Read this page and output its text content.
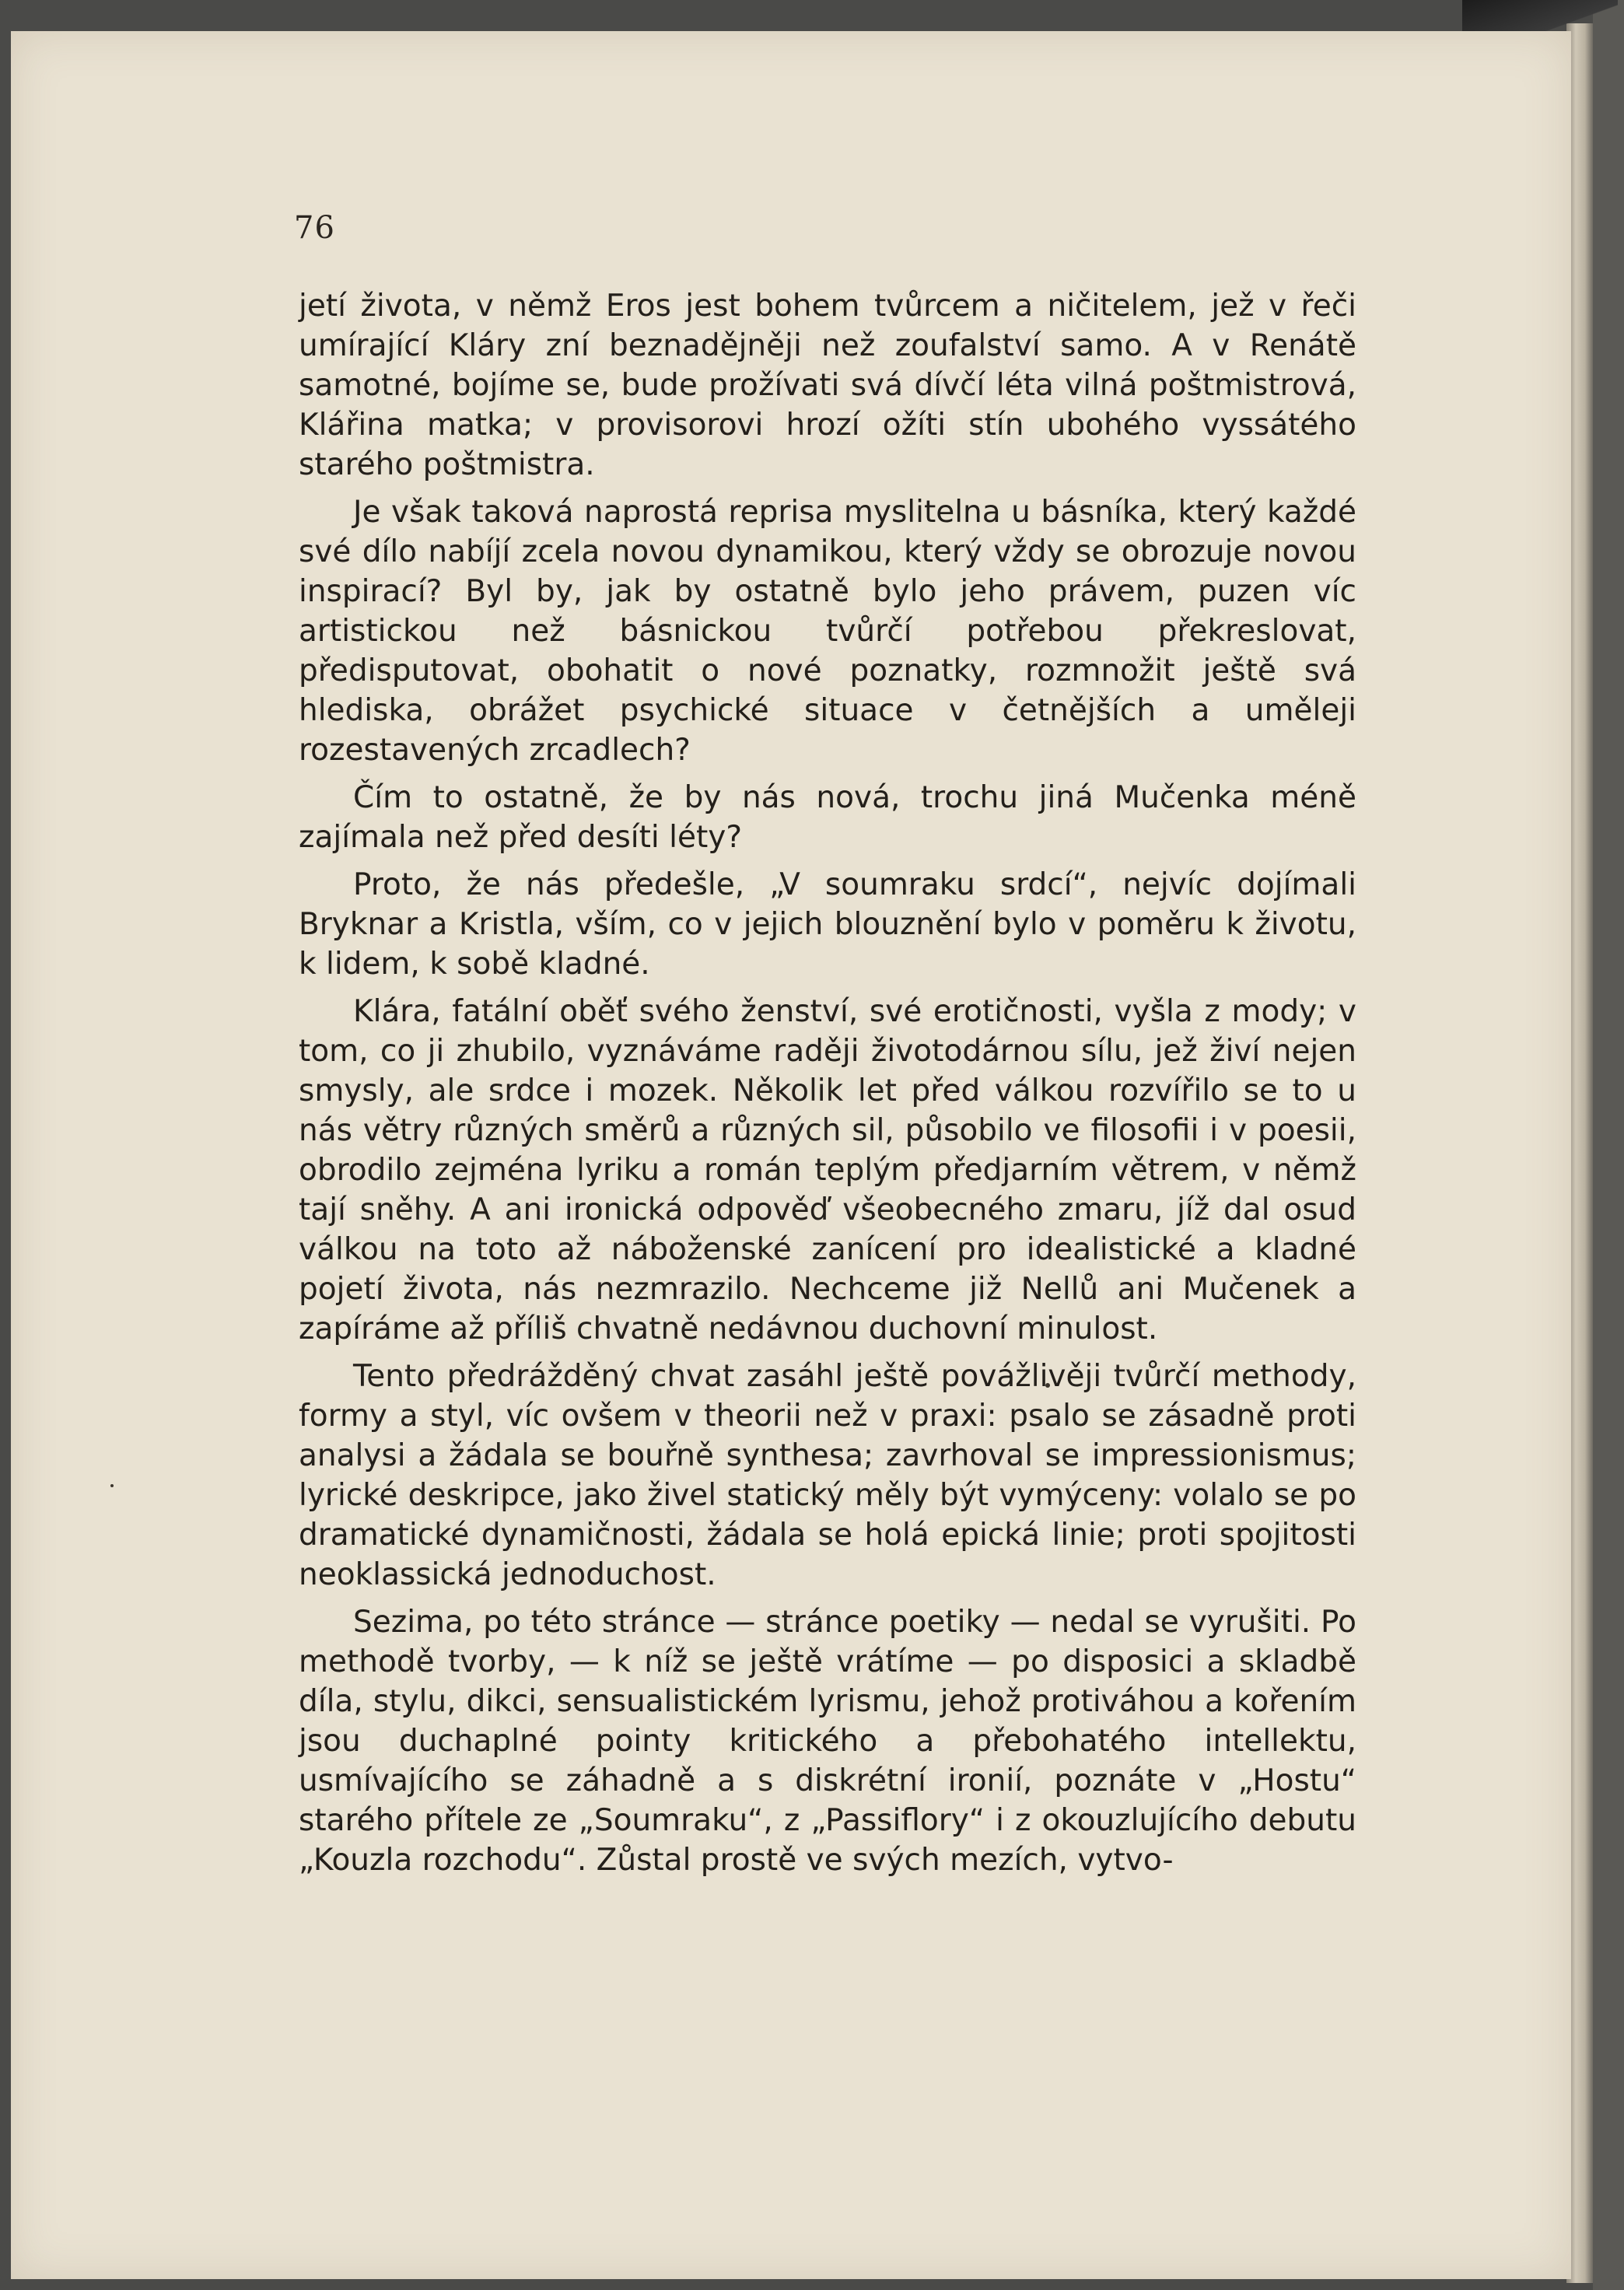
76

jetí života, v němž Eros jest bohem tvůrcem a ničitelem, jež v řeči umírající Kláry zní beznadějněji než zoufalství samo. A v Renátě samotné, bojíme se, bude prožívati svá dívčí léta vilná poštmistrová, Klářina matka; v provisorovi hrozí ožíti stín ubohého vyssátého starého poštmistra.

Je však taková naprostá reprisa myslitelna u básníka, který každé své dílo nabíjí zcela novou dynamikou, který vždy se obrozuje novou inspirací? Byl by, jak by ostatně bylo jeho právem, puzen víc artistickou než básnickou tvůrčí potřebou překreslovat, předisputovat, obohatit o nové poznatky, rozmnožit ještě svá hlediska, obrážet psychické situace v četnějších a uměleji rozestavených zrcadlech?

Čím to ostatně, že by nás nová, trochu jiná Mučenka méně zajímala než před desíti léty?

Proto, že nás předešle, „V soumraku srdcí“, nejvíc dojímali Bryknar a Kristla, vším, co v jejich blouznění bylo v poměru k životu, k lidem, k sobě kladné.

Klára, fatální oběť svého ženství, své erotičnosti, vyšla z mody; v tom, co ji zhubilo, vyznáváme raději životodárnou sílu, jež živí nejen smysly, ale srdce i mozek. Několik let před válkou rozvířilo se to u nás větry různých směrů a různých sil, působilo ve filosofii i v poesii, obrodilo zejména lyriku a román teplým předjarním větrem, v němž tají sněhy. A ani ironická odpověď všeobecného zmaru, jíž dal osud válkou na toto až náboženské zanícení pro idealistické a kladné pojetí života, nás nezmrazilo. Nechceme již Nellů ani Mučenek a zapíráme až příliš chvatně nedávnou duchovní minulost.

Tento předrážděný chvat zasáhl ještě povážlivěji tvůrčí methody, formy a styl, víc ovšem v theorii než v praxi: psalo se zásadně proti analysi a žádala se bouřně synthesa; zavrhoval se impressionismus; lyrické deskripce, jako živel statický měly být vymýceny: volalo se po dramatické dynamičnosti, žádala se holá epická linie; proti spojitosti neoklassická jednoduchost.

Sezima, po této stránce — stránce poetiky — nedal se vyrušiti. Po methodě tvorby, — k níž se ještě vrátíme — po disposici a skladbě díla, stylu, dikci, sensualistickém lyrismu, jehož protiváhou a kořením jsou duchaplné pointy kritického a přebohatého intellektu, usmívajícího se záhadně a s diskrétní ironií, poznáte v „Hostu“ starého přítele ze „Soumraku“, z „Passiflory“ i z okouzlujícího debutu „Kouzla rozchodu“. Zůstal prostě ve svých mezích, vytvo-
